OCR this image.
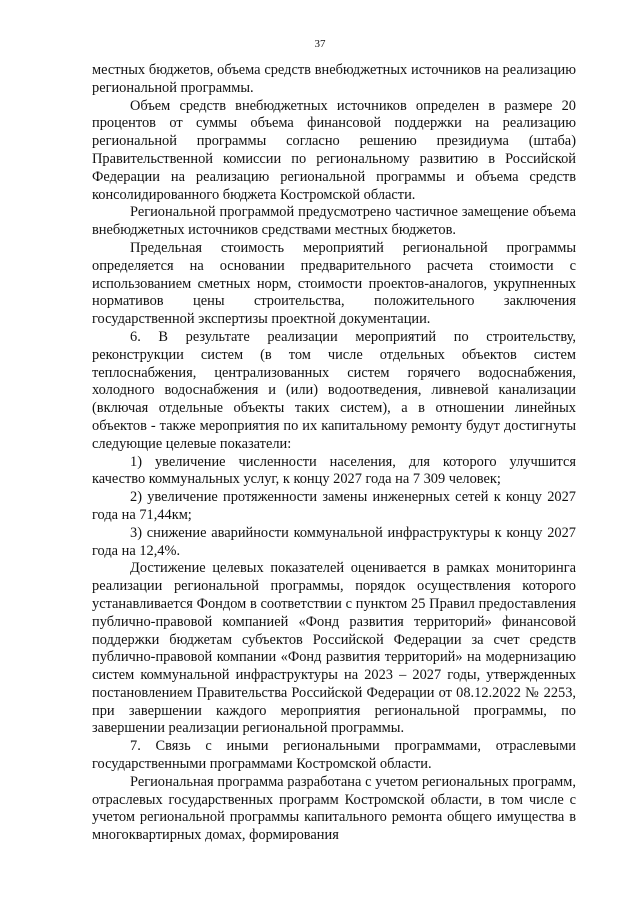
37

местных бюджетов, объема средств внебюджетных источников на реализацию региональной программы.

Объем средств внебюджетных источников определен в размере 20 процентов от суммы объема финансовой поддержки на реализацию региональной программы согласно решению президиума (штаба) Правительственной комиссии по региональному развитию в Российской Федерации на реализацию региональной программы и объема средств консолидированного бюджета Костромской области.

Региональной программой предусмотрено частичное замещение объема внебюджетных источников средствами местных бюджетов.

Предельная стоимость мероприятий региональной программы определяется на основании предварительного расчета стоимости с использованием сметных норм, стоимости проектов-аналогов, укрупненных нормативов цены строительства, положительного заключения государственной экспертизы проектной документации.

6. В результате реализации мероприятий по строительству, реконструкции систем (в том числе отдельных объектов систем теплоснабжения, централизованных систем горячего водоснабжения, холодного водоснабжения и (или) водоотведения, ливневой канализации (включая отдельные объекты таких систем), а в отношении линейных объектов - также мероприятия по их капитальному ремонту будут достигнуты следующие целевые показатели:

1) увеличение численности населения, для которого улучшится качество коммунальных услуг, к концу 2027 года на 7 309 человек;

2) увеличение протяженности замены инженерных сетей к концу 2027 года на 71,44км;

3) снижение аварийности коммунальной инфраструктуры к концу 2027 года на 12,4%.

Достижение целевых показателей оценивается в рамках мониторинга реализации региональной программы, порядок осуществления которого устанавливается Фондом в соответствии с пунктом 25 Правил предоставления публично-правовой компанией «Фонд развития территорий» финансовой поддержки бюджетам субъектов Российской Федерации за счет средств публично-правовой компании «Фонд развития территорий» на модернизацию систем коммунальной инфраструктуры на 2023 – 2027 годы, утвержденных постановлением Правительства Российской Федерации от 08.12.2022 № 2253, при завершении каждого мероприятия региональной программы, по завершении реализации региональной программы.

7. Связь с иными региональными программами, отраслевыми государственными программами Костромской области.

Региональная программа разработана с учетом региональных программ, отраслевых государственных программ Костромской области, в том числе с учетом региональной программы капитального ремонта общего имущества в многоквартирных домах, формирования
